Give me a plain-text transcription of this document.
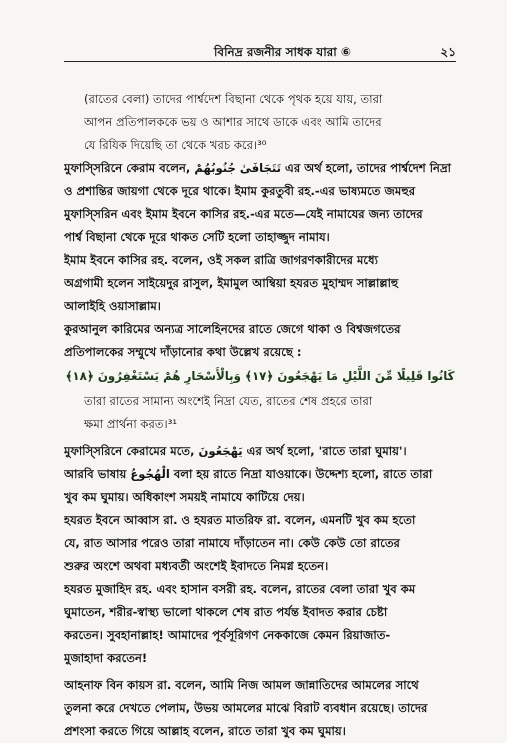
বিনিদ্র রজনীর সাধক যারা ⑥	২১
(রাতের বেলা) তাদের পার্শ্বদেশ বিছানা থেকে পৃথক হয়ে যায়, তারা
আপন প্রতিপালককে ভয় ও আশার সাথে ডাকে এবং আমি তাদের
যে রিযিক দিয়েছি তা থেকে খরচ করে।³⁰
মুফাস্সিরিনে কেরাম বলেন, تَتَجَافَىٰ جُنُوبُهُمْ এর অর্থ হলো, তাদের পার্শ্বদেশ নিদ্রা
ও প্রশান্তির জায়গা থেকে দূরে থাকে। ইমাম কুরতুবী রহ.-এর ভাষ্যমতে জমহুর
মুফাস্সিরিন এবং ইমাম ইবনে কাসির রহ.-এর মতে—যেই নামাযের জন্য তাদের
পার্শ্ব বিছানা থেকে দূরে থাকত সেটি হলো তাহাজ্জুদ নামায।
ইমাম ইবনে কাসির রহ. বলেন, ওই সকল রাত্রি জাগরণকারীদের মধ্যে
অগ্রগামী হলেন সাইয়েদুর রাসুল, ইমামুল আম্বিয়া হযরত মুহাম্মদ সাল্লাল্লাহু
আলাইহি ওয়াসাল্লাম।
কুরআনুল কারিমের অন্যত্র সালেহিনদের রাতে জেগে থাকা ও বিশ্বজগতের
প্রতিপালকের সম্মুখে দাঁড়ানোর কথা উল্লেখ রয়েছে :
كَانُوا قَلِيلًا مِّنَ اللَّيْلِ مَا يَهْجَعُونَ ﴿١٧﴾ وَبِالْأَسْحَارِ هُمْ يَسْتَغْفِرُونَ ﴿١٨﴾
তারা রাতের সামান্য অংশেই নিদ্রা যেত, রাতের শেষ প্রহরে তারা
ক্ষমা প্রার্থনা করত।³¹
মুফাস্সিরিনে কেরামের মতে, يَهْجَعُونَ এর অর্থ হলো, 'রাতে তারা ঘুমায়'।
আরবি ভাষায় الْهُجُوعُ বলা হয় রাতে নিদ্রা যাওয়াকে। উদ্দেশ্য হলো, রাতে তারা
খুব কম ঘুমায়। অধিকাংশ সময়ই নামাযে কাটিয়ে দেয়।
হযরত ইবনে আব্বাস রা. ও হযরত মাতরিফ রা. বলেন, এমনটি খুব কম হতো
যে, রাত আসার পরেও তারা নামাযে দাঁড়াতেন না। কেউ কেউ তো রাতের
শুরুর অংশে অথবা মধ্যবর্তী অংশেই ইবাদতে নিমগ্ন হতেন।
হযরত মুজাহিদ রহ. এবং হাসান বসরী রহ. বলেন, রাতের বেলা তারা খুব কম
ঘুমাতেন, শরীর-স্বাস্থ্য ভালো থাকলে শেষ রাত পর্যন্ত ইবাদত করার চেষ্টা
করতেন। সুবহানাল্লাহ! আমাদের পূর্বসূরিগণ নেককাজে কেমন রিয়াজাত-
মুজাহাদা করতেন!
আহনাফ বিন কায়স রা. বলেন, আমি নিজ আমল জান্নাতিদের আমলের সাথে
তুলনা করে দেখতে পেলাম, উভয় আমলের মাঝে বিরাট ব্যবধান রয়েছে। তাদের
প্রশংসা করতে গিয়ে আল্লাহ বলেন, রাতে তারা খুব কম ঘুমায়।
